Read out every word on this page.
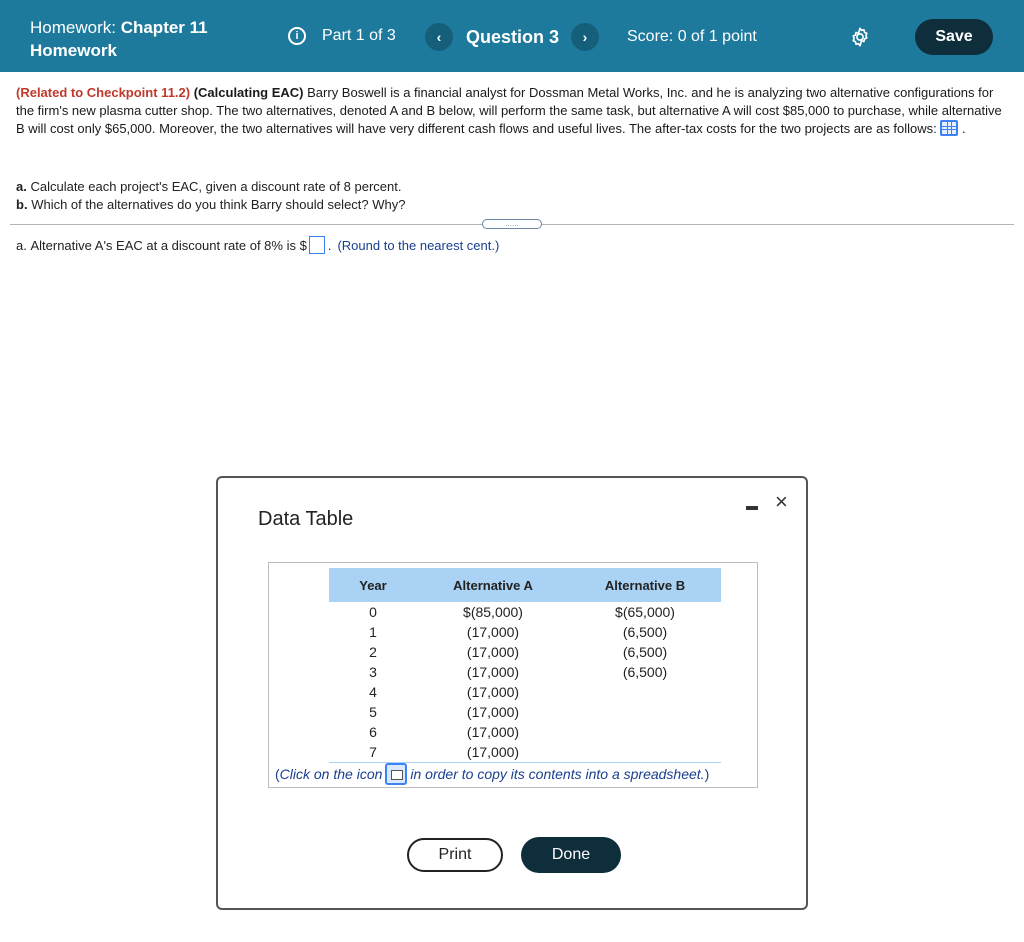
Homework: Chapter 11
Homework
i	Part 1 of 3	‹ Question 3 › Score: 0 of 1 point	Save
(Related to Checkpoint 11.2) (Calculating EAC) Barry Boswell is a financial analyst for Dossman Metal Works, Inc. and he is analyzing two alternative configurations for the firm's new plasma cutter shop. The two alternatives, denoted A and B below, will perform the same task, but alternative A will cost $85,000 to purchase, while alternative B will cost only $65,000. Moreover, the two alternatives will have very different cash flows and useful lives. The after-tax costs for the two projects are as follows: .
a. Calculate each project's EAC, given a discount rate of 8 percent.
b. Which of the alternatives do you think Barry should select? Why?
......
a.
Alternative A's EAC at a discount rate of 8% is $ . (Round to the nearest cent.)
Data Table
×
Year	Alternative A	Alternative B
0	$(85,000)	$(65,000)
1	(17,000)	(6,500)
2	(17,000)	(6,500)
3	(17,000)	(6,500)
4	(17,000)	
5	(17,000)	
6	(17,000)	
7	(17,000)	
( Click on the icon in order to copy its contents into a spreadsheet. )
Print	Done
